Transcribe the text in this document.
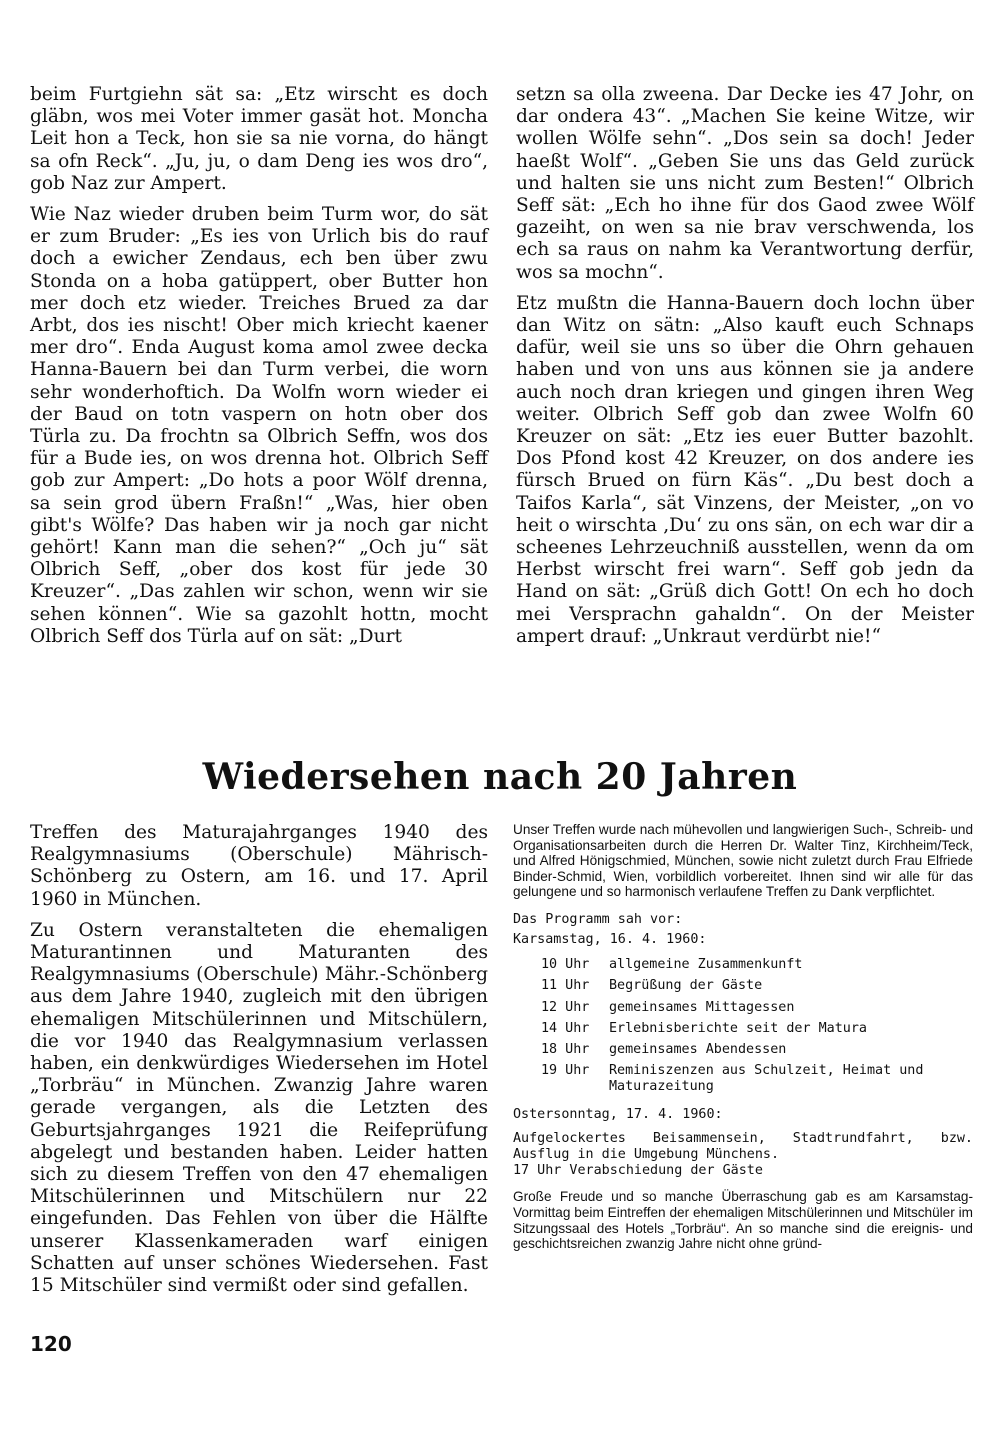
beim Furtgiehn sät sa: „Etz wirscht es doch gläbn, wos mei Voter immer gasät hot. Moncha Leit hon a Teck, hon sie sa nie vorna, do hängt sa ofn Reck“. „Ju, ju, o dam Deng ies wos dro“, gob Naz zur Ampert.

Wie Naz wieder druben beim Turm wor, do sät er zum Bruder: „Es ies von Urlich bis do rauf doch a ewicher Zendaus, ech ben über zwu Stonda on a hoba gatüppert, ober Butter hon mer doch etz wieder. Treiches Brued za dar Arbt, dos ies nischt! Ober mich kriecht kaener mer dro“. Enda August koma amol zwee decka Hanna-Bauern bei dan Turm verbei, die worn sehr wonderhoftich. Da Wolfn worn wieder ei der Baud on totn vaspern on hotn ober dos Türla zu. Da frochtn sa Olbrich Seffn, wos dos für a Bude ies, on wos drenna hot. Olbrich Seff gob zur Ampert: „Do hots a poor Wölf drenna, sa sein grod übern Fraßn!“ „Was, hier oben gibt's Wölfe? Das haben wir ja noch gar nicht gehört! Kann man die sehen?“ „Och ju“ sät Olbrich Seff, „ober dos kost für jede 30 Kreuzer“. „Das zahlen wir schon, wenn wir sie sehen können“. Wie sa gazohlt hottn, mocht Olbrich Seff dos Türla auf on sät: „Durt

setzn sa olla zweena. Dar Decke ies 47 Johr, on dar ondera 43“. „Machen Sie keine Witze, wir wollen Wölfe sehn“. „Dos sein sa doch! Jeder haeßt Wolf“. „Geben Sie uns das Geld zurück und halten sie uns nicht zum Besten!“ Olbrich Seff sät: „Ech ho ihne für dos Gaod zwee Wölf gazeiht, on wen sa nie brav verschwenda, los ech sa raus on nahm ka Verantwortung derfür, wos sa mochn“.

Etz mußtn die Hanna-Bauern doch lochn über dan Witz on sätn: „Also kauft euch Schnaps dafür, weil sie uns so über die Ohrn gehauen haben und von uns aus können sie ja andere auch noch dran kriegen und gingen ihren Weg weiter. Olbrich Seff gob dan zwee Wolfn 60 Kreuzer on sät: „Etz ies euer Butter bazohlt. Dos Pfond kost 42 Kreuzer, on dos andere ies fürsch Brued on fürn Käs“. „Du best doch a Taifos Karla“, sät Vinzens, der Meister, „on vo heit o wirschta ‚Du‘ zu ons sän, on ech war dir a scheenes Lehrzeuchniß ausstellen, wenn da om Herbst wirscht frei warn“. Seff gob jedn da Hand on sät: „Grüß dich Gott! On ech ho doch mei Versprachn gahaldn“. On der Meister ampert drauf: „Unkraut verdürbt nie!“

Wiedersehen nach 20 Jahren

Treffen des Maturajahrganges 1940 des Realgymnasiums (Oberschule) Mährisch-Schönberg zu Ostern, am 16. und 17. April 1960 in München.

Zu Ostern veranstalteten die ehemaligen Maturantinnen und Maturanten des Realgymnasiums (Oberschule) Mähr.-Schönberg aus dem Jahre 1940, zugleich mit den übrigen ehemaligen Mitschülerinnen und Mitschülern, die vor 1940 das Realgymnasium verlassen haben, ein denkwürdiges Wiedersehen im Hotel „Torbräu“ in München. Zwanzig Jahre waren gerade vergangen, als die Letzten des Geburtsjahrganges 1921 die Reifeprüfung abgelegt und bestanden haben. Leider hatten sich zu diesem Treffen von den 47 ehemaligen Mitschülerinnen und Mitschülern nur 22 eingefunden. Das Fehlen von über die Hälfte unserer Klassenkameraden warf einigen Schatten auf unser schönes Wiedersehen. Fast 15 Mitschüler sind vermißt oder sind gefallen.

Unser Treffen wurde nach mühevollen und langwierigen Such-, Schreib- und Organisationsarbeiten durch die Herren Dr. Walter Tinz, Kirchheim/Teck, und Alfred Hönigschmied, München, sowie nicht zuletzt durch Frau Elfriede Binder-Schmid, Wien, vorbildlich vorbereitet. Ihnen sind wir alle für das gelungene und so harmonisch verlaufene Treffen zu Dank verpflichtet.

Das Programm sah vor:

Karsamstag, 16. 4. 1960:

10 Uhr	allgemeine Zusammenkunft
11 Uhr	Begrüßung der Gäste
12 Uhr	gemeinsames Mittagessen
14 Uhr	Erlebnisberichte seit der Matura
18 Uhr	gemeinsames Abendessen
19 Uhr	Reminiszenzen aus Schulzeit, Heimat und Maturazeitung

Ostersonntag, 17. 4. 1960:

Aufgelockertes Beisammensein, Stadtrundfahrt, bzw. Ausflug in die Umgebung Münchens.
17 Uhr Verabschiedung der Gäste

Große Freude und so manche Überraschung gab es am Karsamstag-Vormittag beim Eintreffen der ehemaligen Mitschülerinnen und Mitschüler im Sitzungssaal des Hotels „Torbräu“. An so manche sind die ereignis- und geschichtsreichen zwanzig Jahre nicht ohne gründ-

120
